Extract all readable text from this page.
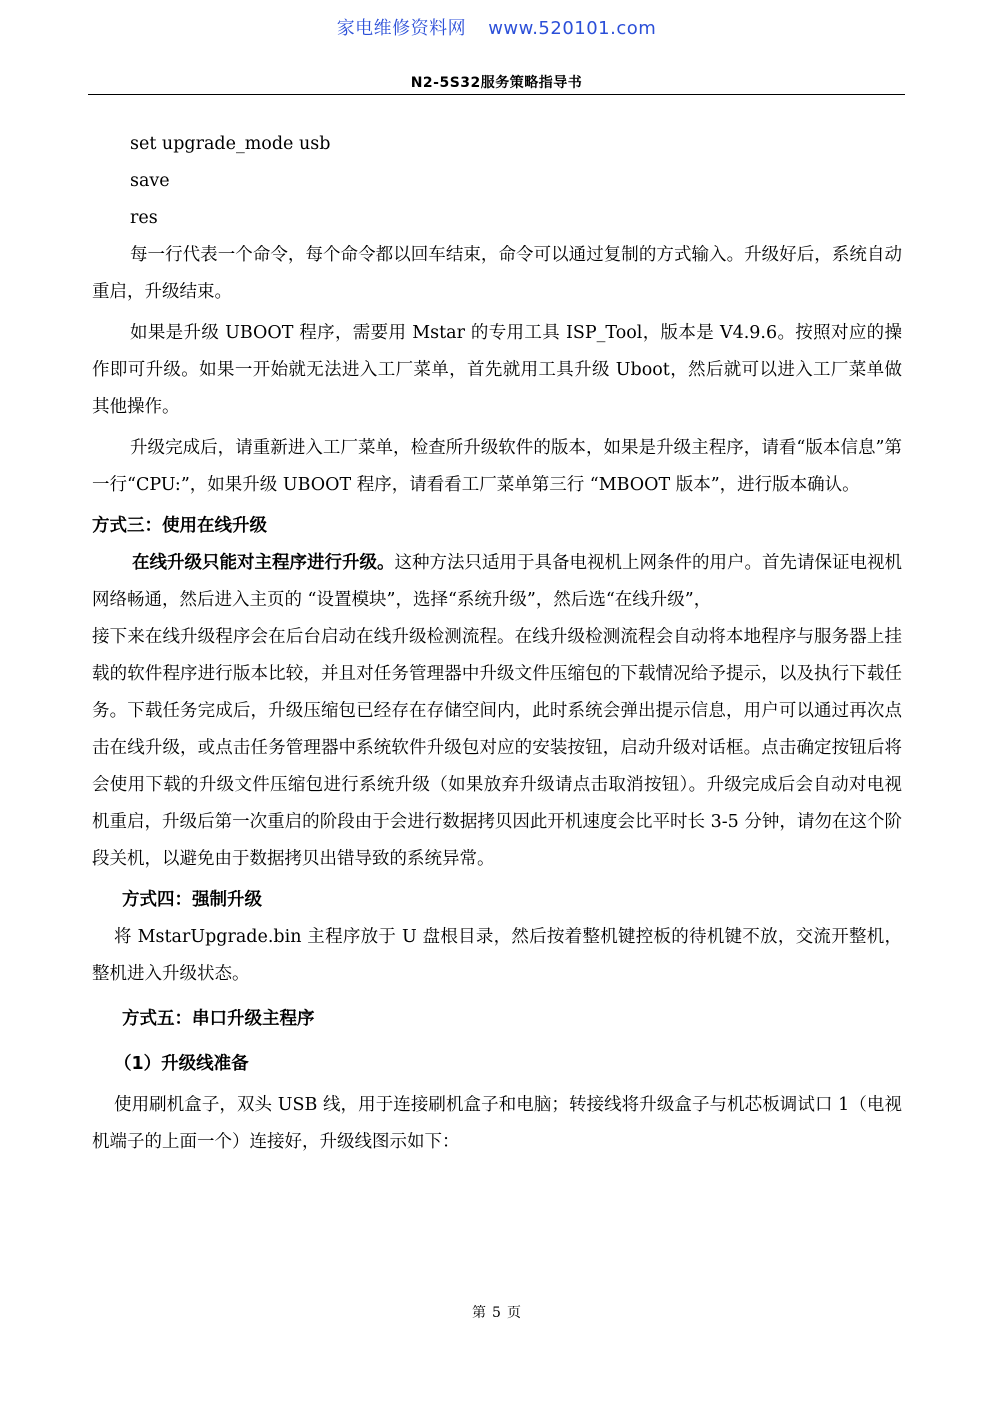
家电维修资料网 www.520101.com
N2-5S32服务策略指导书

set upgrade_mode usb

save

res

每一行代表一个命令，每个命令都以回车结束，命令可以通过复制的方式输入。升级好后，系统自动重启，升级结束。

如果是升级 UBOOT 程序，需要用 Mstar 的专用工具 ISP_Tool，版本是 V4.9.6。按照对应的操作即可升级。如果一开始就无法进入工厂菜单，首先就用工具升级 Uboot，然后就可以进入工厂菜单做其他操作。

升级完成后，请重新进入工厂菜单，检查所升级软件的版本，如果是升级主程序，请看“版本信息”第一行“CPU:”，如果升级 UBOOT 程序，请看看工厂菜单第三行 “MBOOT 版本”，进行版本确认。

方式三：使用在线升级

在线升级只能对主程序进行升级。这种方法只适用于具备电视机上网条件的用户。首先请保证电视机网络畅通，然后进入主页的 “设置模块”，选择“系统升级”，然后选“在线升级”，

接下来在线升级程序会在后台启动在线升级检测流程。在线升级检测流程会自动将本地程序与服务器上挂载的软件程序进行版本比较，并且对任务管理器中升级文件压缩包的下载情况给予提示，以及执行下载任务。下载任务完成后，升级压缩包已经存在存储空间内，此时系统会弹出提示信息，用户可以通过再次点击在线升级，或点击任务管理器中系统软件升级包对应的安装按钮，启动升级对话框。点击确定按钮后将会使用下载的升级文件压缩包进行系统升级（如果放弃升级请点击取消按钮）。升级完成后会自动对电视机重启，升级后第一次重启的阶段由于会进行数据拷贝因此开机速度会比平时长 3-5 分钟，请勿在这个阶段关机，以避免由于数据拷贝出错导致的系统异常。

方式四：强制升级

将 MstarUpgrade.bin 主程序放于 U 盘根目录，然后按着整机键控板的待机键不放，交流开整机，整机进入升级状态。

方式五：串口升级主程序

（1）升级线准备

使用刷机盒子，双头 USB 线，用于连接刷机盒子和电脑；转接线将升级盒子与机芯板调试口 1（电视机端子的上面一个）连接好，升级线图示如下：

第 5 页
